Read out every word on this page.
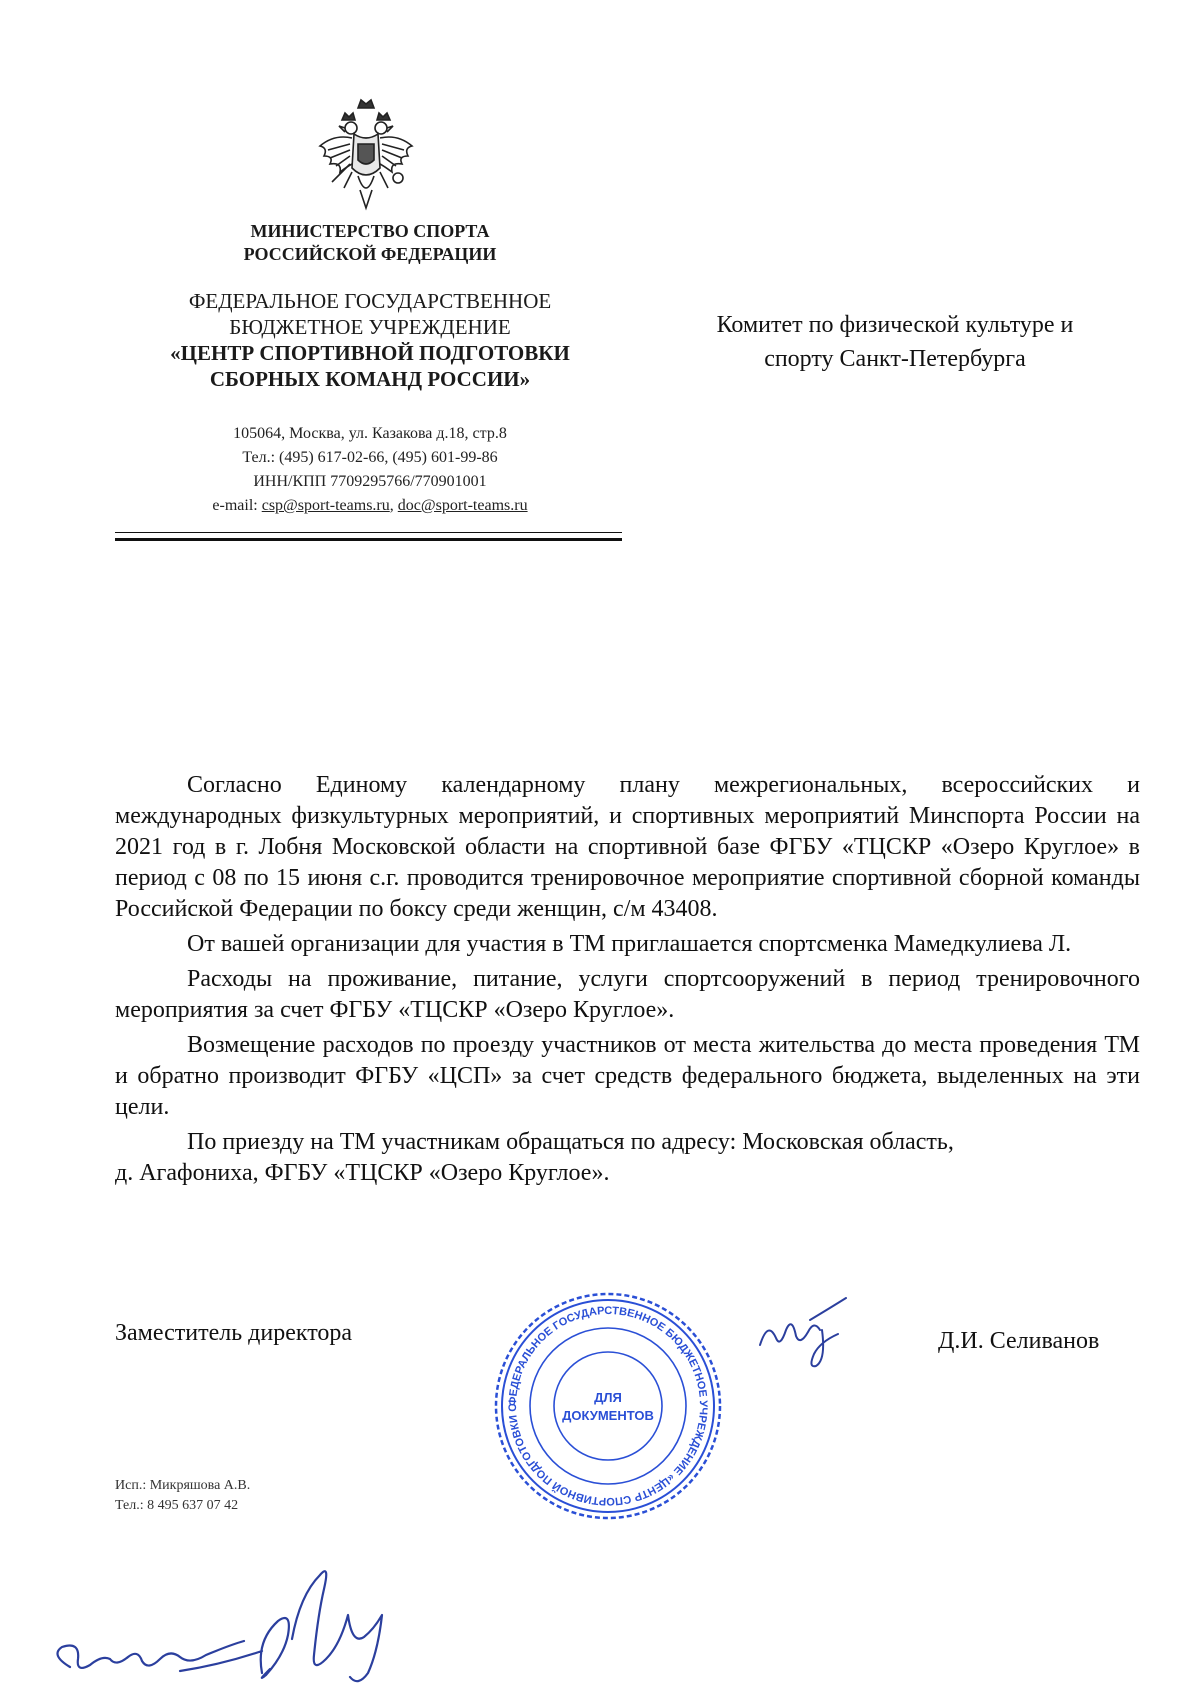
МИНИСТЕРСТВО СПОРТА
РОССИЙСКОЙ ФЕДЕРАЦИИ
ФЕДЕРАЛЬНОЕ ГОСУДАРСТВЕННОЕ
БЮДЖЕТНОЕ УЧРЕЖДЕНИЕ
«ЦЕНТР СПОРТИВНОЙ ПОДГОТОВКИ
СБОРНЫХ КОМАНД РОССИИ»
105064, Москва, ул. Казакова д.18, стр.8
Тел.: (495) 617-02-66, (495) 601-99-86
ИНН/КПП 7709295766/770901001
e-mail: csp@sport-teams.ru, doc@sport-teams.ru
Комитет по физической культуре и
спорту Санкт-Петербурга

Согласно Единому календарному плану межрегиональных, всероссийских и международных физкультурных мероприятий, и спортивных мероприятий Минспорта России на 2021 год в г. Лобня Московской области на спортивной базе ФГБУ «ТЦСКР «Озеро Круглое» в период с 08 по 15 июня с.г. проводится тренировочное мероприятие спортивной сборной команды Российской Федерации по боксу среди женщин, с/м 43408.

От вашей организации для участия в ТМ приглашается спортсменка Мамедкулиева Л.

Расходы на проживание, питание, услуги спортсооружений в период тренировочного мероприятия за счет ФГБУ «ТЦСКР «Озеро Круглое».

Возмещение расходов по проезду участников от места жительства до места проведения ТМ и обратно производит ФГБУ «ЦСП» за счет средств федерального бюджета, выделенных на эти цели.

По приезду на ТМ участникам обращаться по адресу: Московская область,

д. Агафониха, ФГБУ «ТЦСКР «Озеро Круглое».

Заместитель директора	Д.И. Селиванов
ФЕДЕРАЛЬНОЕ ГОСУДАРСТВЕННОЕ БЮДЖЕТНОЕ УЧРЕЖДЕНИЕ «ЦЕНТР СПОРТИВНОЙ ПОДГОТОВКИ С
ДЛЯ
ДОКУМЕНТОВ
Исп.: Микряшова А.В.
Тел.: 8 495 637 07 42
